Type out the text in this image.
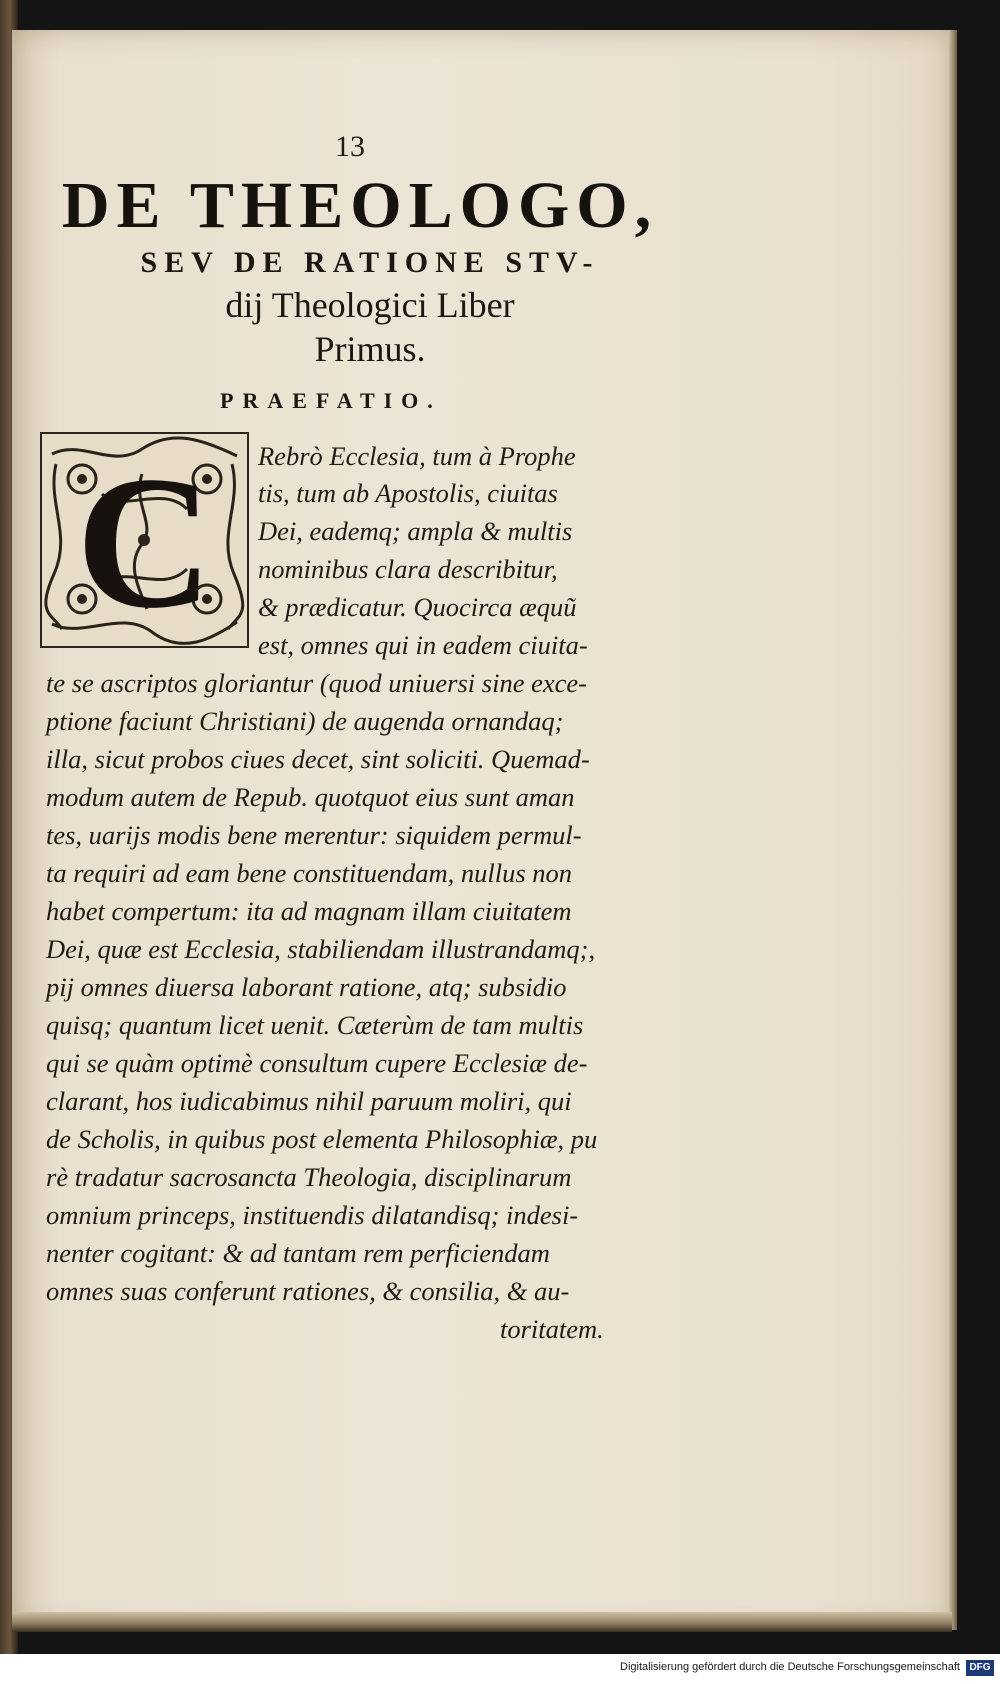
13
DE THEOLOGO,
SEV DE RATIONE STV-
dij Theologici Liber
Primus.
PRAEFATIO.
C	Rebrò Ecclesia, tum à Prophe
tis, tum ab Apostolis, ciuitas
Dei, eademq; ampla & multis
nominibus clara describitur,
& prædicatur. Quocirca æquũ
est, omnes qui in eadem ciuita-
te se ascriptos gloriantur (quod uniuersi sine exce-
ptione faciunt Christiani) de augenda ornandaq;
illa, sicut probos ciues decet, sint soliciti. Quemad-
modum autem de Repub. quotquot eius sunt aman
tes, uarijs modis bene merentur: siquidem permul-
ta requiri ad eam bene constituendam, nullus non
habet compertum: ita ad magnam illam ciuitatem
Dei, quæ est Ecclesia, stabiliendam illustrandamq;,
pij omnes diuersa laborant ratione, atq; subsidio
quisq; quantum licet uenit. Cæterùm de tam multis
qui se quàm optimè consultum cupere Ecclesiæ de-
clarant, hos iudicabimus nihil paruum moliri, qui
de Scholis, in quibus post elementa Philosophiæ, pu
rè tradatur sacrosancta Theologia, disciplinarum
omnium princeps, instituendis dilatandisq; indesi-
nenter cogitant: & ad tantam rem perficiendam
omnes suas conferunt rationes, & consilia, & au-
toritatem.
Digitalisierung gefördert durch die Deutsche Forschungsgemeinschaft DFG
